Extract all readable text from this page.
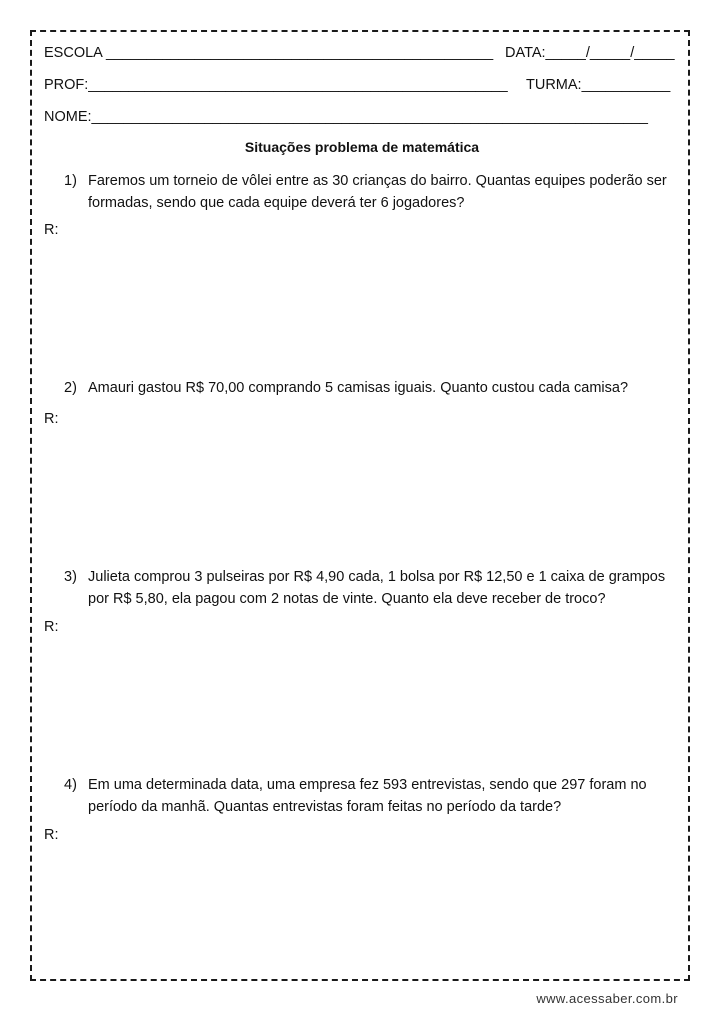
ESCOLA ________________________________________________ DATA:_____/_____/_____
PROF:____________________________________________________ TURMA:___________
NOME:_____________________________________________________________________
Situações problema de matemática
1) Faremos um torneio de vôlei entre as 30 crianças do bairro. Quantas equipes poderão ser formadas, sendo que cada equipe deverá ter 6 jogadores?
R:
2) Amauri gastou R$ 70,00 comprando 5 camisas iguais. Quanto custou cada camisa?
R:
3) Julieta comprou 3 pulseiras por R$ 4,90 cada, 1 bolsa por R$ 12,50 e 1 caixa de grampos por R$ 5,80, ela pagou com 2 notas de vinte. Quanto ela deve receber de troco?
R:
4) Em uma determinada data, uma empresa fez 593 entrevistas, sendo que 297 foram no período da manhã. Quantas entrevistas foram feitas no período da tarde?
R:
www.acessaber.com.br
